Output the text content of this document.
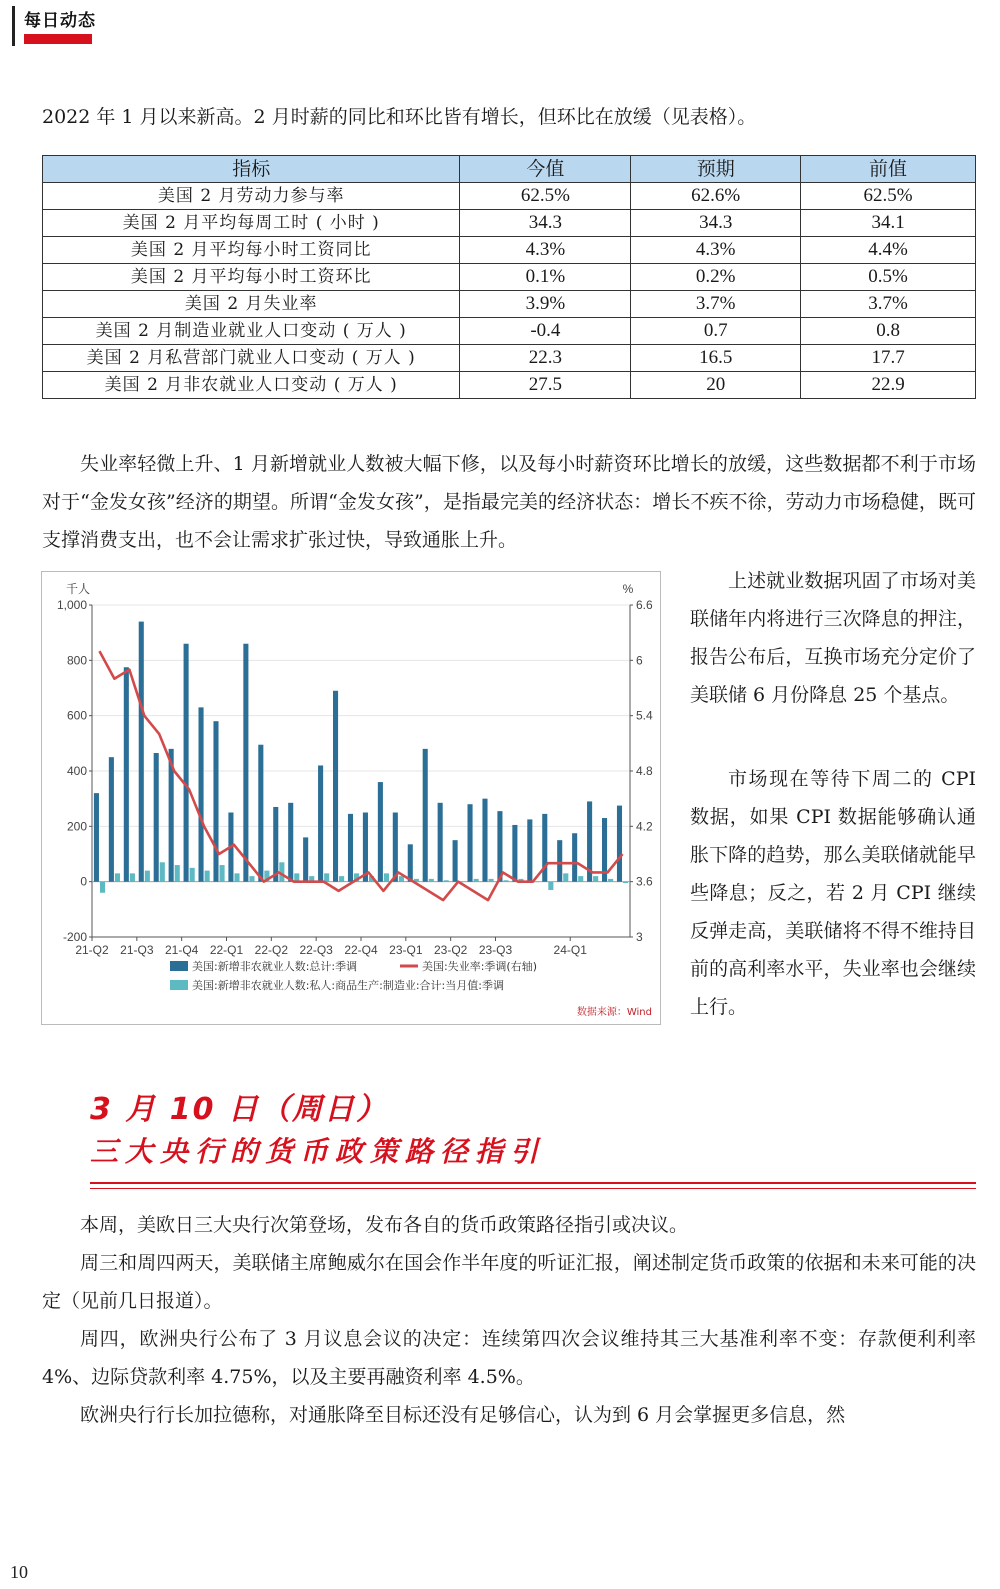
每日动态

2022 年 1 月以来新高。2 月时薪的同比和环比皆有增长，但环比在放缓（见表格）。

指标	今值	预期	前值
美国 2 月劳动力参与率	62.5%	62.6%	62.5%
美国 2 月平均每周工时 ( 小时 )	34.3	34.3	34.1
美国 2 月平均每小时工资同比	4.3%	4.3%	4.4%
美国 2 月平均每小时工资环比	0.1%	0.2%	0.5%
美国 2 月失业率	3.9%	3.7%	3.7%
美国 2 月制造业就业人口变动 ( 万人 )	-0.4	0.7	0.8
美国 2 月私营部门就业人口变动 ( 万人 )	22.3	16.5	17.7
美国 2 月非农就业人口变动 ( 万人 )	27.5	20	22.9

失业率轻微上升、1 月新增就业人数被大幅下修，以及每小时薪资环比增长的放缓，这些数据都不利于市场对于“金发女孩”经济的期望。所谓“金发女孩”，是指最完美的经济状态：增长不疾不徐，劳动力市场稳健，既可支撑消费支出，也不会让需求扩张过快，导致通胀上升。

1,000
800
600
400
200
0
-200
6.6
6
5.4
4.8
4.2
3.6
3
千人	%
21-Q2 21-Q3 21-Q4 22-Q1 22-Q2 22-Q3 22-Q4 23-Q1 23-Q2 23-Q3	24-Q1
美国:新增非农就业人数:总计:季调	美国:失业率:季调(右轴)
美国:新增非农就业人数:私人:商品生产:制造业:合计:当月值:季调
数据来源：Wind

上述就业数据巩固了市场对美联储年内将进行三次降息的押注，报告公布后，互换市场充分定价了美联储 6 月份降息 25 个基点。

市场现在等待下周二的 CPI 数据，如果 CPI 数据能够确认通胀下降的趋势，那么美联储就能早些降息；反之，若 2 月 CPI 继续反弹走高，美联储将不得不维持目前的高利率水平，失业率也会继续上行。

3 月 10 日（周日）
三大央行的货币政策路径指引

本周，美欧日三大央行次第登场，发布各自的货币政策路径指引或决议。

周三和周四两天，美联储主席鲍威尔在国会作半年度的听证汇报，阐述制定货币政策的依据和未来可能的决定（见前几日报道）。

周四，欧洲央行公布了 3 月议息会议的决定：连续第四次会议维持其三大基准利率不变：存款便利利率 4%、边际贷款利率 4.75%，以及主要再融资利率 4.5%。

欧洲央行行长加拉德称，对通胀降至目标还没有足够信心，认为到 6 月会掌握更多信息，然

10
